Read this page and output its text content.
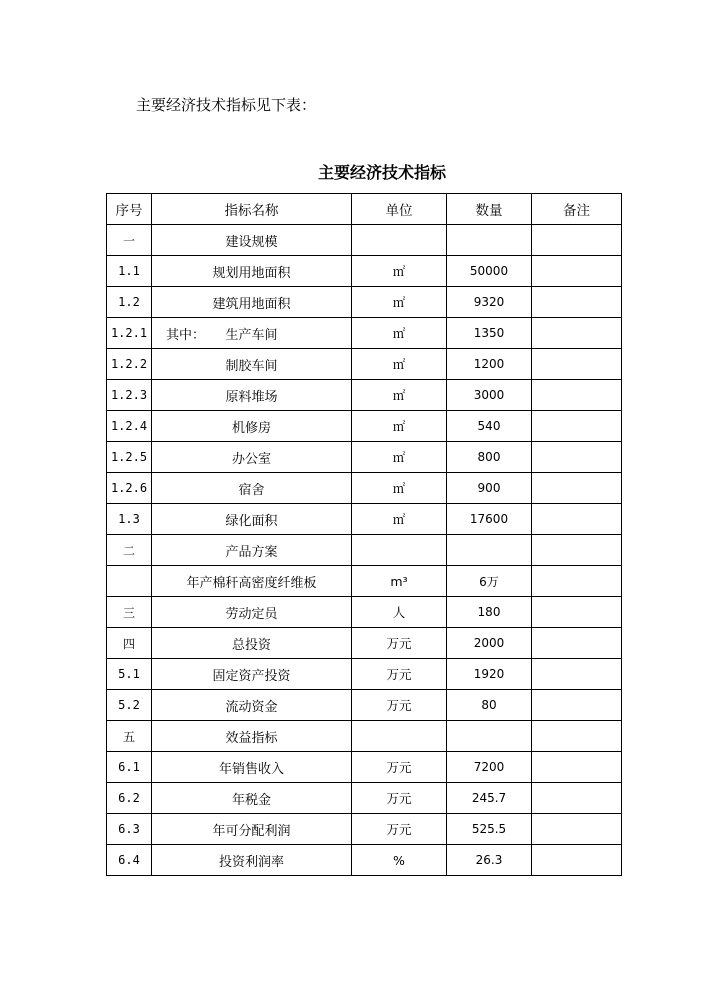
主要经济技术指标见下表：
主要经济技术指标
序号	指标名称	单位	数量	备注
一	建设规模			
1.1	规划用地面积	㎡	50000	
1.2	建筑用地面积	㎡	9320	
1.2.1	其中： 生产车间	㎡	1350	
1.2.2	制胶车间	㎡	1200	
1.2.3	原料堆场	㎡	3000	
1.2.4	机修房	㎡	540	
1.2.5	办公室	㎡	800	
1.2.6	宿舍	㎡	900	
1.3	绿化面积	㎡	17600	
二	产品方案			
	年产棉秆高密度纤维板	m³	6万	
三	劳动定员	人	180	
四	总投资	万元	2000	
5.1	固定资产投资	万元	1920	
5.2	流动资金	万元	80	
五	效益指标			
6.1	年销售收入	万元	7200	
6.2	年税金	万元	245.7	
6.3	年可分配利润	万元	525.5	
6.4	投资利润率	%	26.3	
